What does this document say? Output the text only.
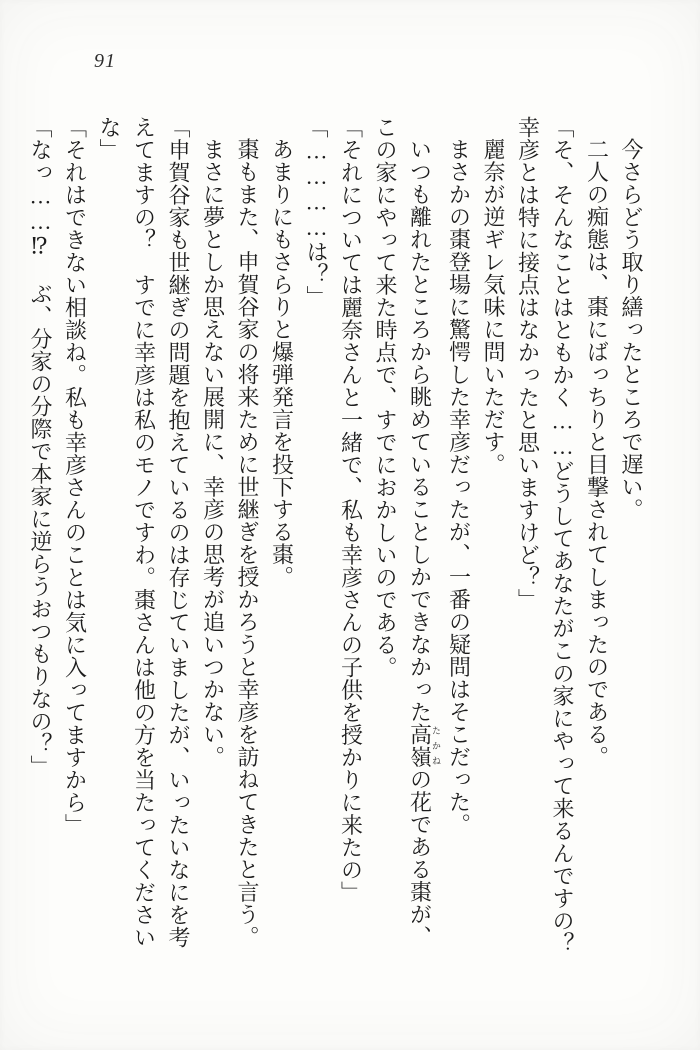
91

今さらどう取り繕ったところで遅い。

二人の痴態は、棗にばっちりと目撃されてしまったのである。

「そ、そんなことはともかく……どうしてあなたがこの家にやって来るんですの？　幸彦とは特に接点はなかったと思いますけど？」

麗奈が逆ギレ気味に問いただす。

まさかの棗登場に驚愕した幸彦だったが、一番の疑問はそこだった。

いつも離れたところから眺めていることしかできなかった高嶺たかねの花である棗が、この家にやって来た時点で、すでにおかしいのである。

「それについては麗奈さんと一緒で、私も幸彦さんの子供を授かりに来たの」

「…………は？」

あまりにもさらりと爆弾発言を投下する棗。

棗もまた、申賀谷家の将来ために世継ぎを授かろうと幸彦を訪ねてきたと言う。

まさに夢としか思えない展開に、幸彦の思考が追いつかない。

「申賀谷家も世継ぎの問題を抱えているのは存じていましたが、いったいなにを考えてますの？　すでに幸彦は私のモノですわ。棗さんは他の方を当たってくださいな」

「それはできない相談ね。私も幸彦さんのことは気に入ってますから」

「なっ……⁉　ぶ、分家の分際で本家に逆らうおつもりなの？」
